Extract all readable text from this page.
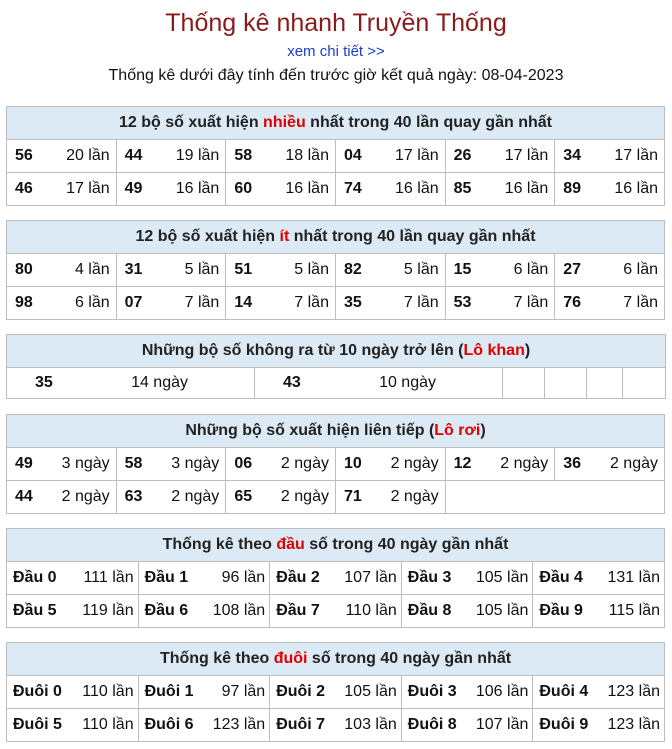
Thống kê nhanh Truyền Thống
xem chi tiết >>
Thống kê dưới đây tính đến trước giờ kết quả ngày: 08-04-2023
12 bộ số xuất hiện nhiều nhất trong 40 lần quay gần nhất					

56 20 lần	44 19 lần	58 18 lần	04 17 lần	26 17 lần	34 17 lần

46 17 lần	49 16 lần	60 16 lần	74 16 lần	85 16 lần	89 16 lần
12 bộ số xuất hiện ít nhất trong 40 lần quay gần nhất					

80 4 lần	31 5 lần	51 5 lần	82 5 lần	15 6 lần	27 6 lần

98 6 lần	07 7 lần	14 7 lần	35 7 lần	53 7 lần	76 7 lần
Những bộ số không ra từ 10 ngày trở lên (Lô khan)

35	14 ngày	43	10 ngày

Những bộ số xuất hiện liên tiếp (Lô rơi)					

49 3 ngày	58 3 ngày	06 2 ngày	10 2 ngày	12 2 ngày	36 2 ngày

44 2 ngày	63 2 ngày	65 2 ngày	71 2 ngày		

Thống kê theo đầu số trong 40 ngày gần nhất				

Đầu 0 111 lần	Đầu 1 96 lần	Đầu 2 107 lần	Đầu 3 105 lần	Đầu 4 131 lần

Đầu 5 119 lần	Đầu 6 108 lần	Đầu 7 110 lần	Đầu 8 105 lần	Đầu 9 115 lần
Thống kê theo đuôi số trong 40 ngày gần nhất				

Đuôi 0 110 lần	Đuôi 1 97 lần	Đuôi 2 105 lần	Đuôi 3 106 lần	Đuôi 4 123 lần

Đuôi 5 110 lần	Đuôi 6 123 lần	Đuôi 7 103 lần	Đuôi 8 107 lần	Đuôi 9 123 lần
